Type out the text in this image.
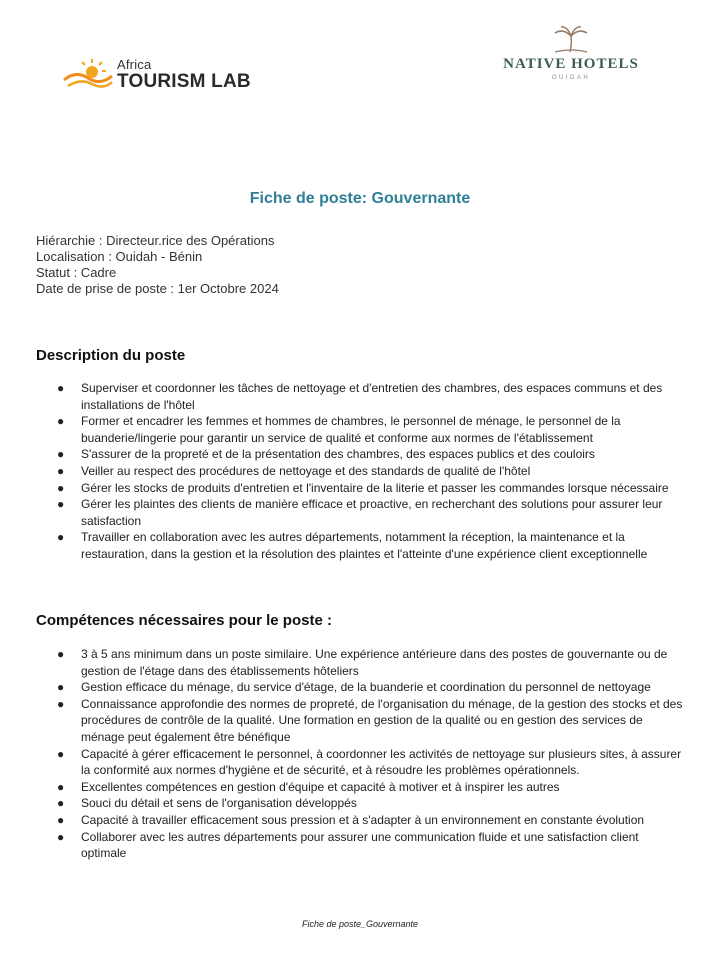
Africa
TOURISM LAB
NATIVE HOTELS
OUIDAH
Fiche de poste: Gouvernante
Hiérarchie : Directeur.rice des Opérations
Localisation : Ouidah - Bénin
Statut : Cadre
Date de prise de poste : 1er Octobre 2024
Description du poste
● Superviser et coordonner les tâches de nettoyage et d'entretien des chambres, des espaces communs et des installations de l'hôtel
● Former et encadrer les femmes et hommes de chambres, le personnel de ménage, le personnel de la buanderie/lingerie pour garantir un service de qualité et conforme aux normes de l'établissement
● S'assurer de la propreté et de la présentation des chambres, des espaces publics et des couloirs
● Veiller au respect des procédures de nettoyage et des standards de qualité de l'hôtel
● Gérer les stocks de produits d'entretien et l'inventaire de la literie et passer les commandes lorsque nécessaire
● Gérer les plaintes des clients de manière efficace et proactive, en recherchant des solutions pour assurer leur satisfaction
● Travailler en collaboration avec les autres départements, notamment la réception, la maintenance et la restauration, dans la gestion et la résolution des plaintes et l'atteinte d'une expérience client exceptionnelle
Compétences nécessaires pour le poste :
● 3 à 5 ans minimum dans un poste similaire. Une expérience antérieure dans des postes de gouvernante ou de gestion de l'étage dans des établissements hôteliers
● Gestion efficace du ménage, du service d'étage, de la buanderie et coordination du personnel de nettoyage
● Connaissance approfondie des normes de propreté, de l'organisation du ménage, de la gestion des stocks et des procédures de contrôle de la qualité. Une formation en gestion de la qualité ou en gestion des services de ménage peut également être bénéfique
● Capacité à gérer efficacement le personnel, à coordonner les activités de nettoyage sur plusieurs sites, à assurer la conformité aux normes d'hygiène et de sécurité, et à résoudre les problèmes opérationnels.
● Excellentes compétences en gestion d'équipe et capacité à motiver et à inspirer les autres
● Souci du détail et sens de l'organisation développés
● Capacité à travailler efficacement sous pression et à s'adapter à un environnement en constante évolution
● Collaborer avec les autres départements pour assurer une communication fluide et une satisfaction client optimale
Fiche de poste_Gouvernante
